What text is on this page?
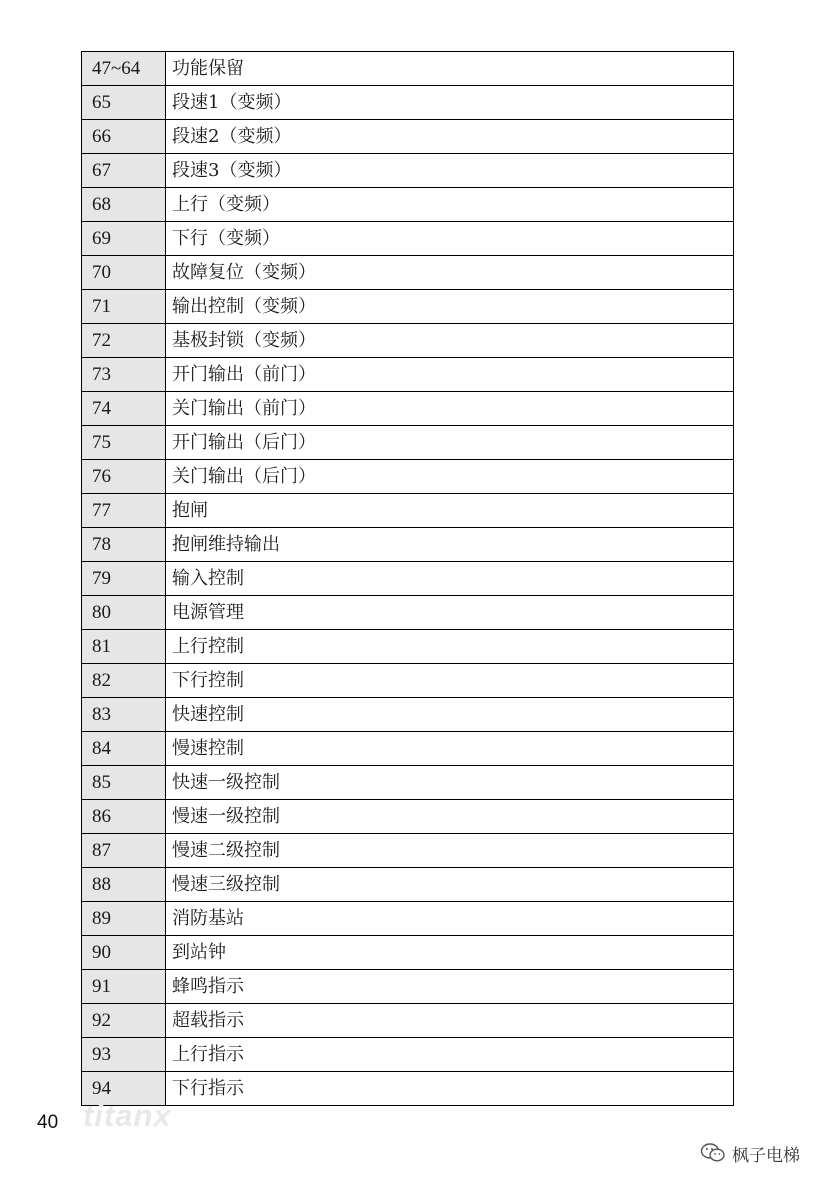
47~64	功能保留
65	段速1（变频）
66	段速2（变频）
67	段速3（变频）
68	上行（变频）
69	下行（变频）
70	故障复位（变频）
71	输出控制（变频）
72	基极封锁（变频）
73	开门输出（前门）
74	关门输出（前门）
75	开门输出（后门）
76	关门输出（后门）
77	抱闸
78	抱闸维持输出
79	输入控制
80	电源管理
81	上行控制
82	下行控制
83	快速控制
84	慢速控制
85	快速一级控制
86	慢速一级控制
87	慢速二级控制
88	慢速三级控制
89	消防基站
90	到站钟
91	蜂鸣指示
92	超载指示
93	上行指示
94	下行指示
40 titanx
枫子电梯
